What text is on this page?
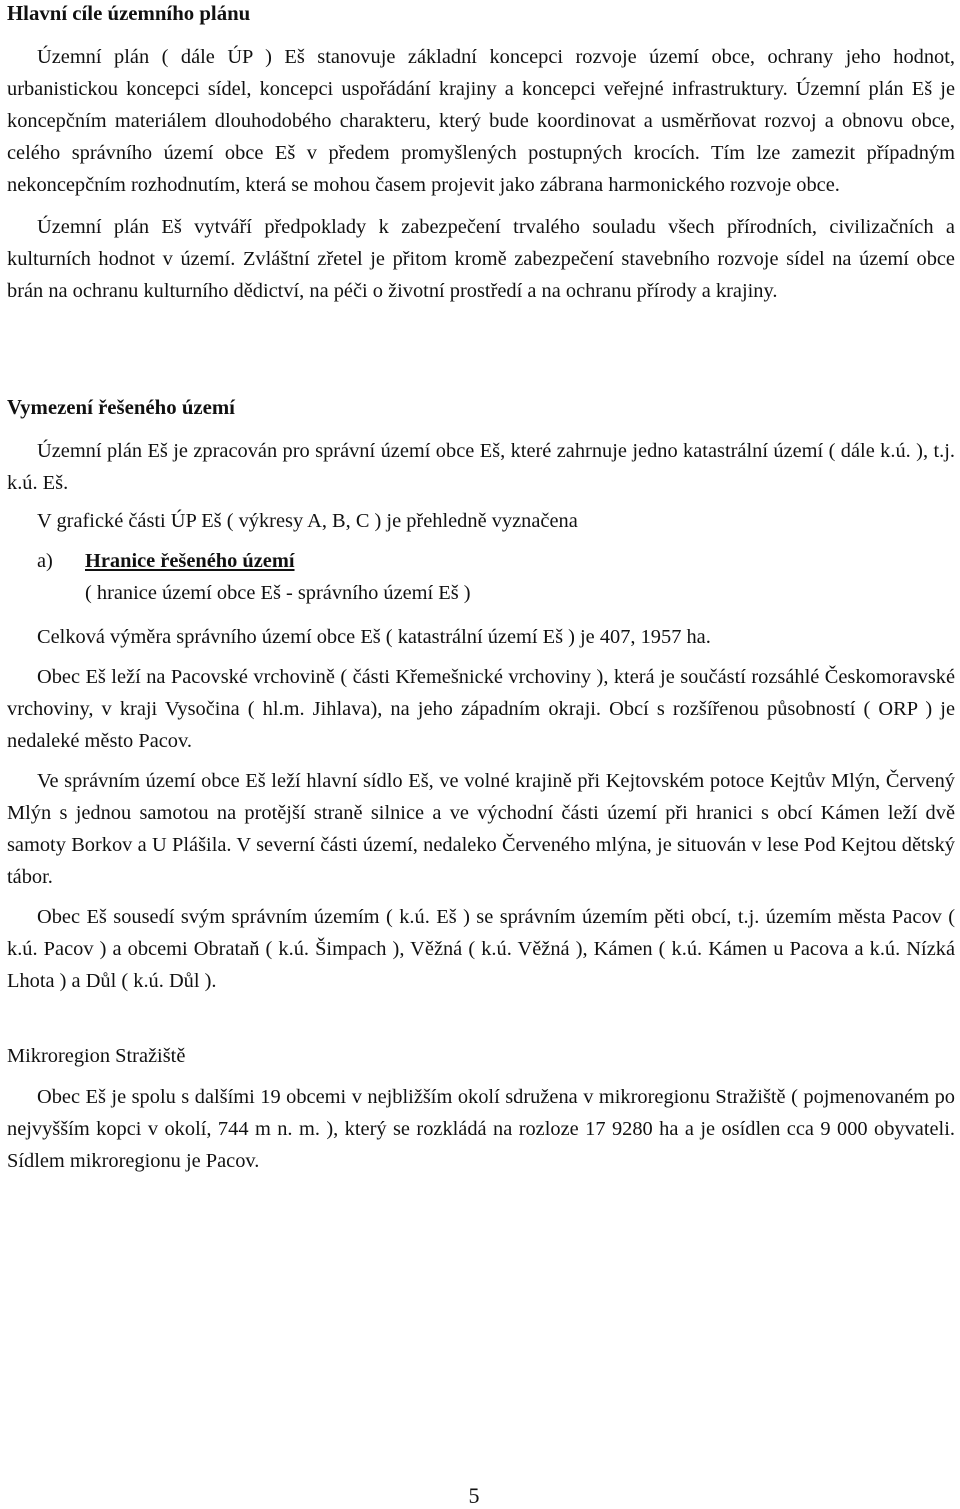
Hlavní cíle územního plánu

Územní plán ( dále ÚP ) Eš stanovuje základní koncepci rozvoje území obce, ochrany jeho hodnot, urbanistickou koncepci sídel, koncepci uspořádání krajiny a koncepci veřejné infrastruktury. Územní plán Eš je koncepčním materiálem dlouhodobého charakteru, který bude koordinovat a usměrňovat rozvoj a obnovu obce, celého správního území obce Eš v předem promyšlených postupných krocích. Tím lze zamezit případným nekoncepčním rozhodnutím, která se mohou časem projevit jako zábrana harmonického rozvoje obce.

Územní plán Eš vytváří předpoklady k zabezpečení trvalého souladu všech přírodních, civilizačních a kulturních hodnot v území. Zvláštní zřetel je přitom kromě zabezpečení stavebního rozvoje sídel na území obce brán na ochranu kulturního dědictví, na péči o životní prostředí a na ochranu přírody a krajiny.

Vymezení řešeného území

Územní plán Eš je zpracován pro správní území obce Eš, které zahrnuje jedno katastrální území ( dále k.ú. ), t.j. k.ú. Eš.

V grafické části ÚP Eš ( výkresy A, B, C ) je přehledně vyznačena

a) Hranice řešeného území
( hranice území obce Eš - správního území Eš )

Celková výměra správního území obce Eš ( katastrální území Eš ) je 407, 1957 ha.

Obec Eš leží na Pacovské vrchovině ( části Křemešnické vrchoviny ), která je součástí rozsáhlé Českomoravské vrchoviny, v kraji Vysočina ( hl.m. Jihlava), na jeho západním okraji. Obcí s rozšířenou působností ( ORP ) je nedaleké město Pacov.

Ve správním území obce Eš leží hlavní sídlo Eš, ve volné krajině při Kejtovském potoce Kejtův Mlýn, Červený Mlýn s jednou samotou na protější straně silnice a ve východní části území při hranici s obcí Kámen leží dvě samoty Borkov a U Plášila. V severní části území, nedaleko Červeného mlýna, je situován v lese Pod Kejtou dětský tábor.

Obec Eš sousedí svým správním územím ( k.ú. Eš ) se správním územím pěti obcí, t.j. územím města Pacov ( k.ú. Pacov ) a obcemi Obrataň ( k.ú. Šimpach ), Věžná ( k.ú. Věžná ), Kámen ( k.ú. Kámen u Pacova a k.ú. Nízká Lhota ) a Důl ( k.ú. Důl ).

Mikroregion Stražiště

Obec Eš je spolu s dalšími 19 obcemi v nejbližším okolí sdružena v mikroregionu Stražiště ( pojmenovaném po nejvyšším kopci v okolí, 744 m n. m. ), který se rozkládá na rozloze 17 9280 ha a je osídlen cca 9 000 obyvateli. Sídlem mikroregionu je Pacov.

5
